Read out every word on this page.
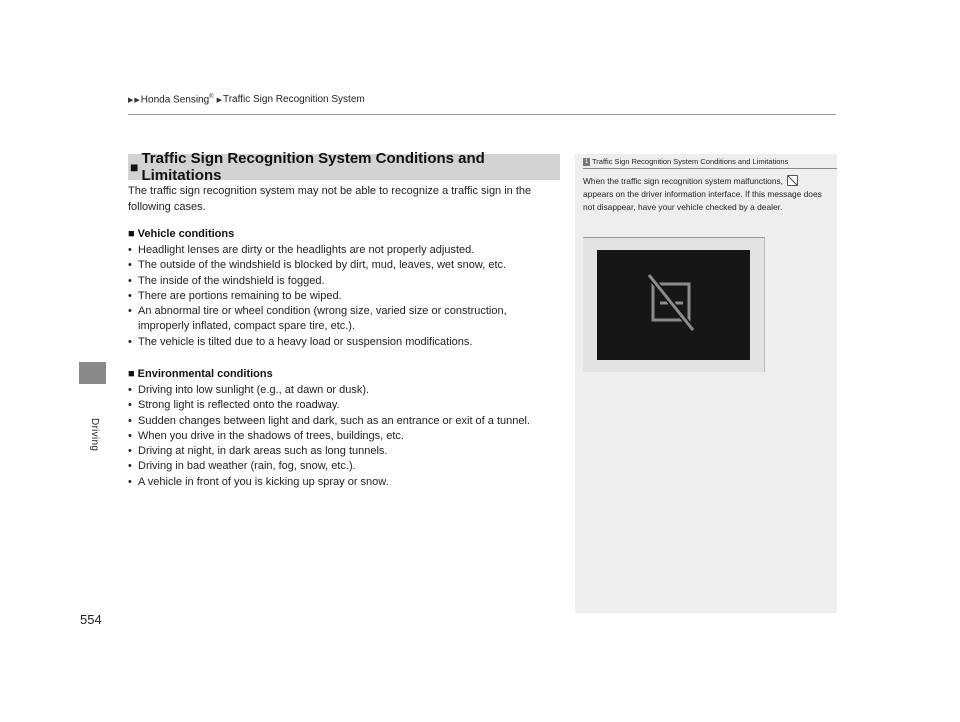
▶ ▶ Honda Sensing® ▶ Traffic Sign Recognition System
Driving
554
■ Traffic Sign Recognition System Conditions and Limitations

The traffic sign recognition system may not be able to recognize a traffic sign in the following cases.

■ Vehicle conditions
• Headlight lenses are dirty or the headlights are not properly adjusted.
• The outside of the windshield is blocked by dirt, mud, leaves, wet snow, etc.
• The inside of the windshield is fogged.
• There are portions remaining to be wiped.
• An abnormal tire or wheel condition (wrong size, varied size or construction, improperly inflated, compact spare tire, etc.).
• The vehicle is tilted due to a heavy load or suspension modifications.
■ Environmental conditions
• Driving into low sunlight (e.g., at dawn or dusk).
• Strong light is reflected onto the roadway.
• Sudden changes between light and dark, such as an entrance or exit of a tunnel.
• When you drive in the shadows of trees, buildings, etc.
• Driving at night, in dark areas such as long tunnels.
• Driving in bad weather (rain, fog, snow, etc.).
• A vehicle in front of you is kicking up spray or snow.
1 Traffic Sign Recognition System Conditions and Limitations

When the traffic sign recognition system malfunctions,  appears on the driver information interface. If this message does not disappear, have your vehicle checked by a dealer.
